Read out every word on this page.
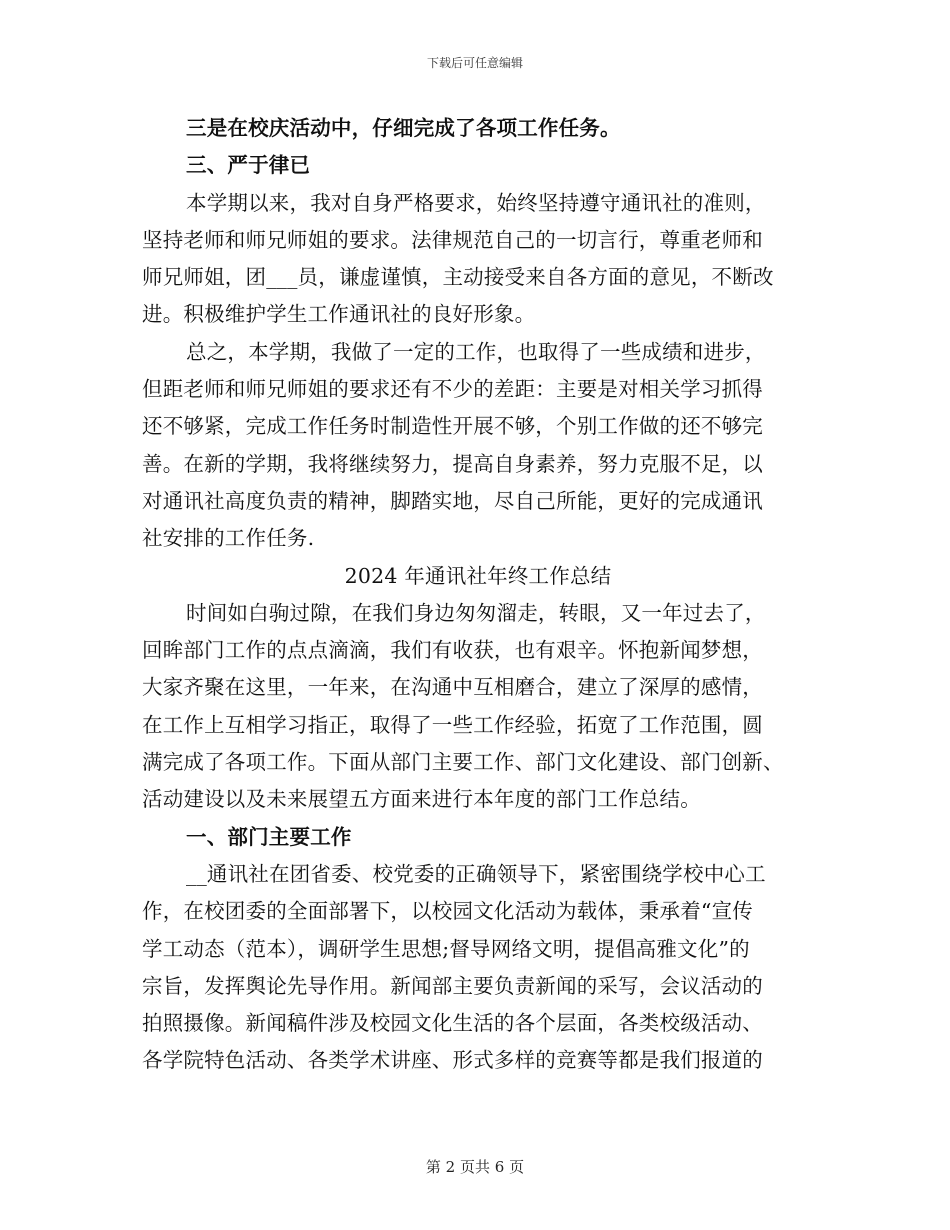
下载后可任意编辑
三是在校庆活动中，仔细完成了各项工作任务。
三、严于律已
本学期以来，我对自身严格要求，始终坚持遵守通讯社的准则，
坚持老师和师兄师姐的要求。法律规范自己的一切言行，尊重老师和
师兄师姐，团___员，谦虚谨慎，主动接受来自各方面的意见，不断改
进。积极维护学生工作通讯社的良好形象。
总之，本学期，我做了一定的工作，也取得了一些成绩和进步，
但距老师和师兄师姐的要求还有不少的差距：主要是对相关学习抓得
还不够紧，完成工作任务时制造性开展不够，个别工作做的还不够完
善。在新的学期，我将继续努力，提高自身素养，努力克服不足，以
对通讯社高度负责的精神，脚踏实地，尽自己所能，更好的完成通讯
社安排的工作任务.
2024 年通讯社年终工作总结
时间如白驹过隙，在我们身边匆匆溜走，转眼，又一年过去了，
回眸部门工作的点点滴滴，我们有收获，也有艰辛。怀抱新闻梦想，
大家齐聚在这里，一年来，在沟通中互相磨合，建立了深厚的感情，
在工作上互相学习指正，取得了一些工作经验，拓宽了工作范围，圆
满完成了各项工作。下面从部门主要工作、部门文化建设、部门创新、
活动建设以及未来展望五方面来进行本年度的部门工作总结。
一、部门主要工作
__通讯社在团省委、校党委的正确领导下，紧密围绕学校中心工
作，在校团委的全面部署下，以校园文化活动为载体，秉承着“宣传
学工动态（范本），调研学生思想;督导网络文明，提倡高雅文化”的
宗旨，发挥舆论先导作用。新闻部主要负责新闻的采写，会议活动的
拍照摄像。新闻稿件涉及校园文化生活的各个层面，各类校级活动、
各学院特色活动、各类学术讲座、形式多样的竞赛等都是我们报道的
第 2 页共 6 页
